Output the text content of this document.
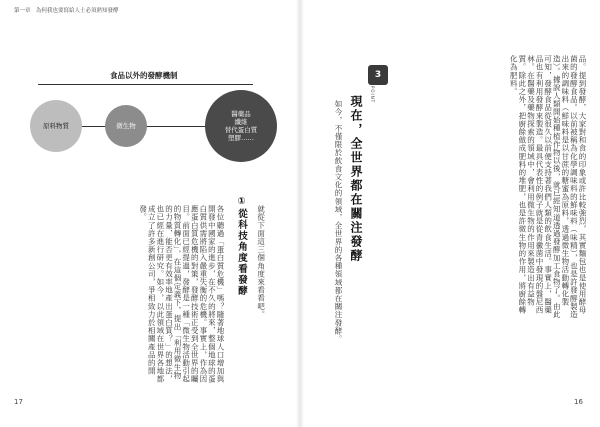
第一章　為何我也要寫給人士必須熟知發酵
食品以外的發酵機制
原料物質	微生物
醫藥品
纖維
替代蛋白質
塑膠……
就從下面這三個角度來看看吧。
①從科技角度看發酵
各位聽過「蛋白質危機」嗎？隨著地球人口增加與開發中國家的進步，在不久的將來，整個地球的蛋白質供需將陷入嚴重失衡的危機。事實上，作為因應蛋白質危機的對策，發酵技術正受到全世界的矚目。前面已經提過，發酵是一種「微生物活動引起的物質轉化」，在這個定義下，提出「利用微生物的力量，能否更有效率地產出蛋白質？」的想法，也已經在進行研究。如今，以此領域在世界各地都成立了許多新創公司，爭相致力於相關產品的開發。
17
品。提到發酵，大家對和食的印象或許比較強烈，其實麵包也是使用酵母菌的發酵食品。以前被稱為化學調味料的鮮味料（味精），也是許發酵製造出來的調味料（鮮味料是以甘蔗的糖蜜為原料，透過微生物活動轉化製造）。據說人類開始種植作物以後，就已經知道透過發酵加工食物了。由此可知，發酵食品從很久以前便支持著我們人類的飲食生活。事實上，醫藥品也有利用發酵來製造。最具代表性的例子就是從青黴菌中發現的盤尼西林。在醫藥及藥物探索的領域中，會利用微生物的作用來製造出有益物質。除此之外，把廚餘做成肥料的堆肥，也是許微生物的作用，將廚餘轉化為肥料。
3
POINT
現在，全世界都在關注發酵
如今，不僅限於飲食文化的領域，全世界的各種領域都在關注發酵。
16
